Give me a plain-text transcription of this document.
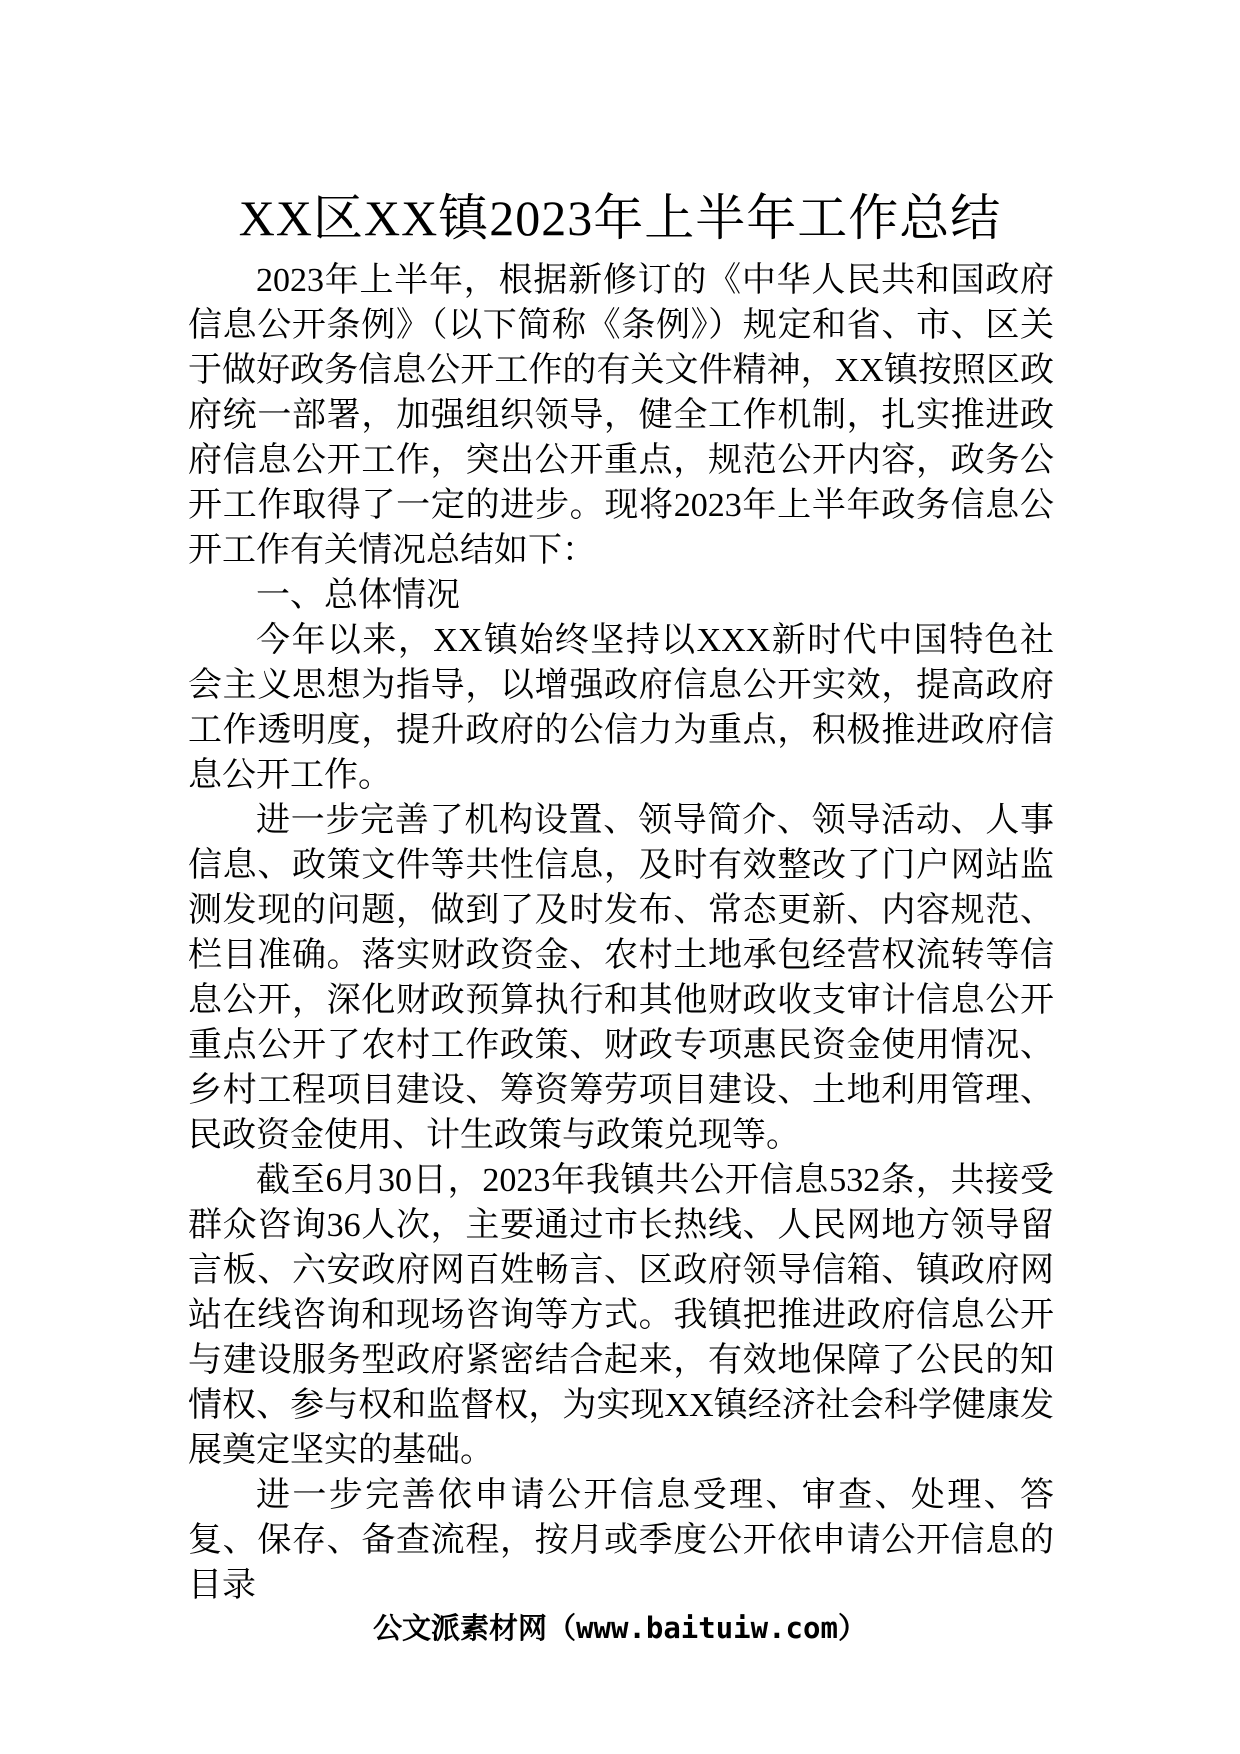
XX区XX镇2023年上半年工作总结

2023年上半年，根据新修订的《中华人民共和国政府信息公开条例》（以下简称《条例》）规定和省、市、区关于做好政务信息公开工作的有关文件精神，XX镇按照区政府统一部署，加强组织领导，健全工作机制，扎实推进政府信息公开工作，突出公开重点，规范公开内容，政务公开工作取得了一定的进步。现将2023年上半年政务信息公开工作有关情况总结如下：

一、总体情况

今年以来，XX镇始终坚持以XXX新时代中国特色社会主义思想为指导，以增强政府信息公开实效，提高政府工作透明度，提升政府的公信力为重点，积极推进政府信息公开工作。

进一步完善了机构设置、领导简介、领导活动、人事信息、政策文件等共性信息，及时有效整改了门户网站监测发现的问题，做到了及时发布、常态更新、内容规范、栏目准确。落实财政资金、农村土地承包经营权流转等信息公开，深化财政预算执行和其他财政收支审计信息公开重点公开了农村工作政策、财政专项惠民资金使用情况、乡村工程项目建设、筹资筹劳项目建设、土地利用管理、民政资金使用、计生政策与政策兑现等。

截至6月30日，2023年我镇共公开信息532条，共接受群众咨询36人次，主要通过市长热线、人民网地方领导留言板、六安政府网百姓畅言、区政府领导信箱、镇政府网站在线咨询和现场咨询等方式。我镇把推进政府信息公开与建设服务型政府紧密结合起来，有效地保障了公民的知情权、参与权和监督权，为实现XX镇经济社会科学健康发展奠定坚实的基础。

进一步完善依申请公开信息受理、审查、处理、答复、保存、备查流程，按月或季度公开依申请公开信息的目录

公文派素材网（www.baituiw.com）
